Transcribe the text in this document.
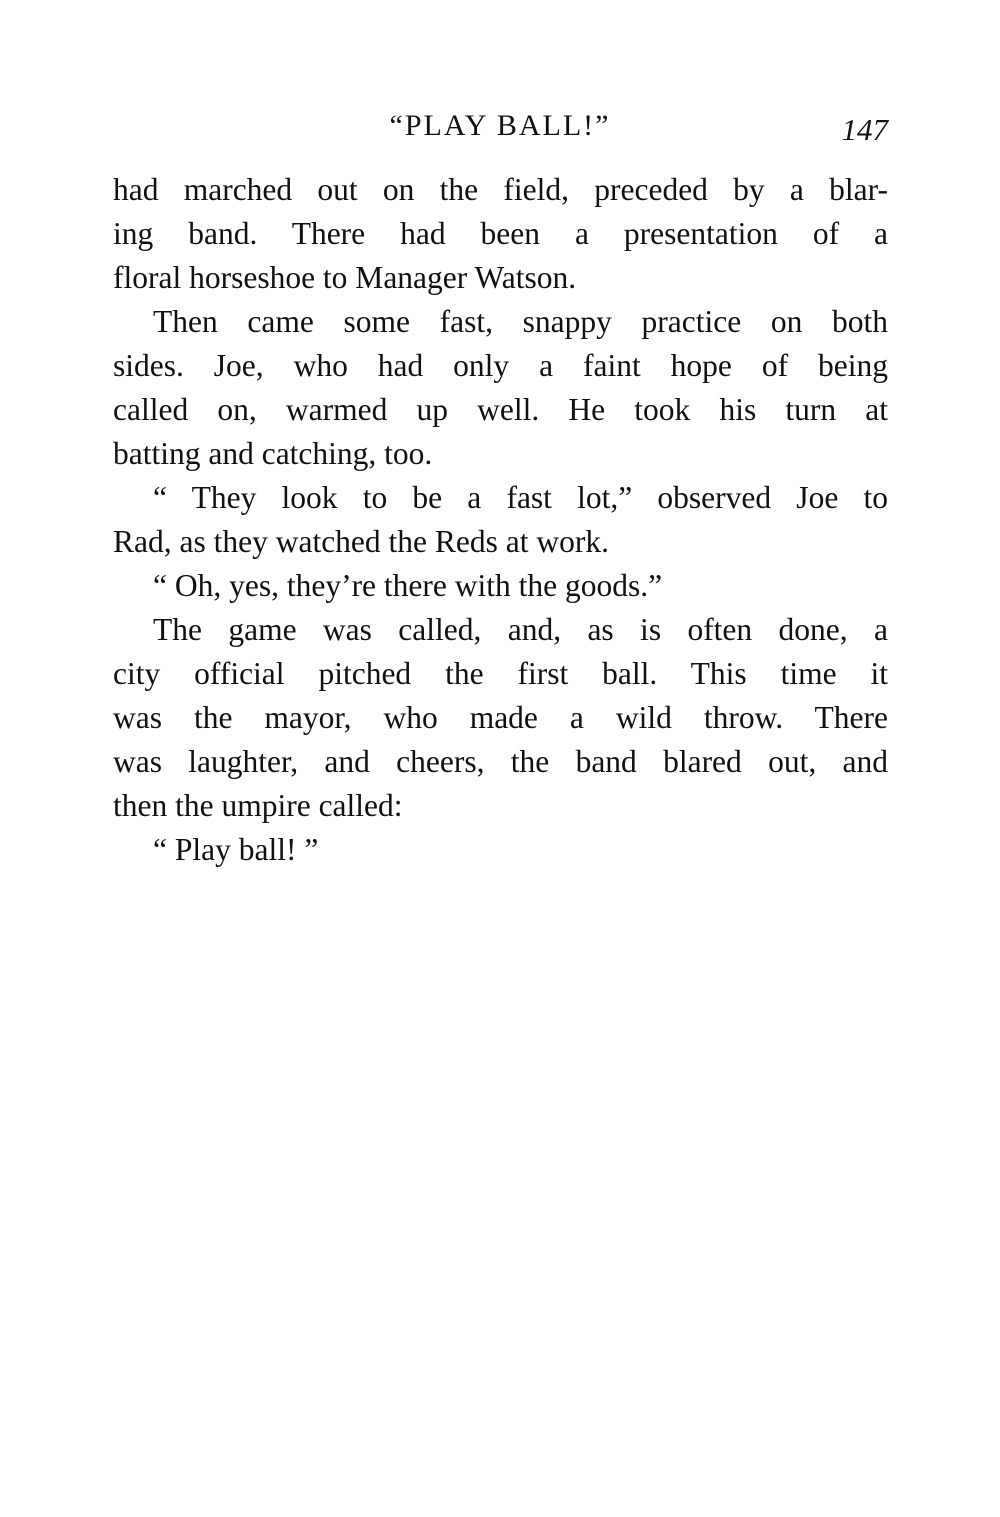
“PLAY BALL!”	147
had marched out on the field, preceded by a blar-
ing band. There had been a presentation of a
floral horseshoe to Manager Watson.
Then came some fast, snappy practice on both
sides. Joe, who had only a faint hope of being
called on, warmed up well. He took his turn at
batting and catching, too.
“ They look to be a fast lot,” observed Joe to
Rad, as they watched the Reds at work.
“ Oh, yes, they’re there with the goods.”
The game was called, and, as is often done, a
city official pitched the first ball. This time it
was the mayor, who made a wild throw. There
was laughter, and cheers, the band blared out, and
then the umpire called:
“ Play ball! ”
